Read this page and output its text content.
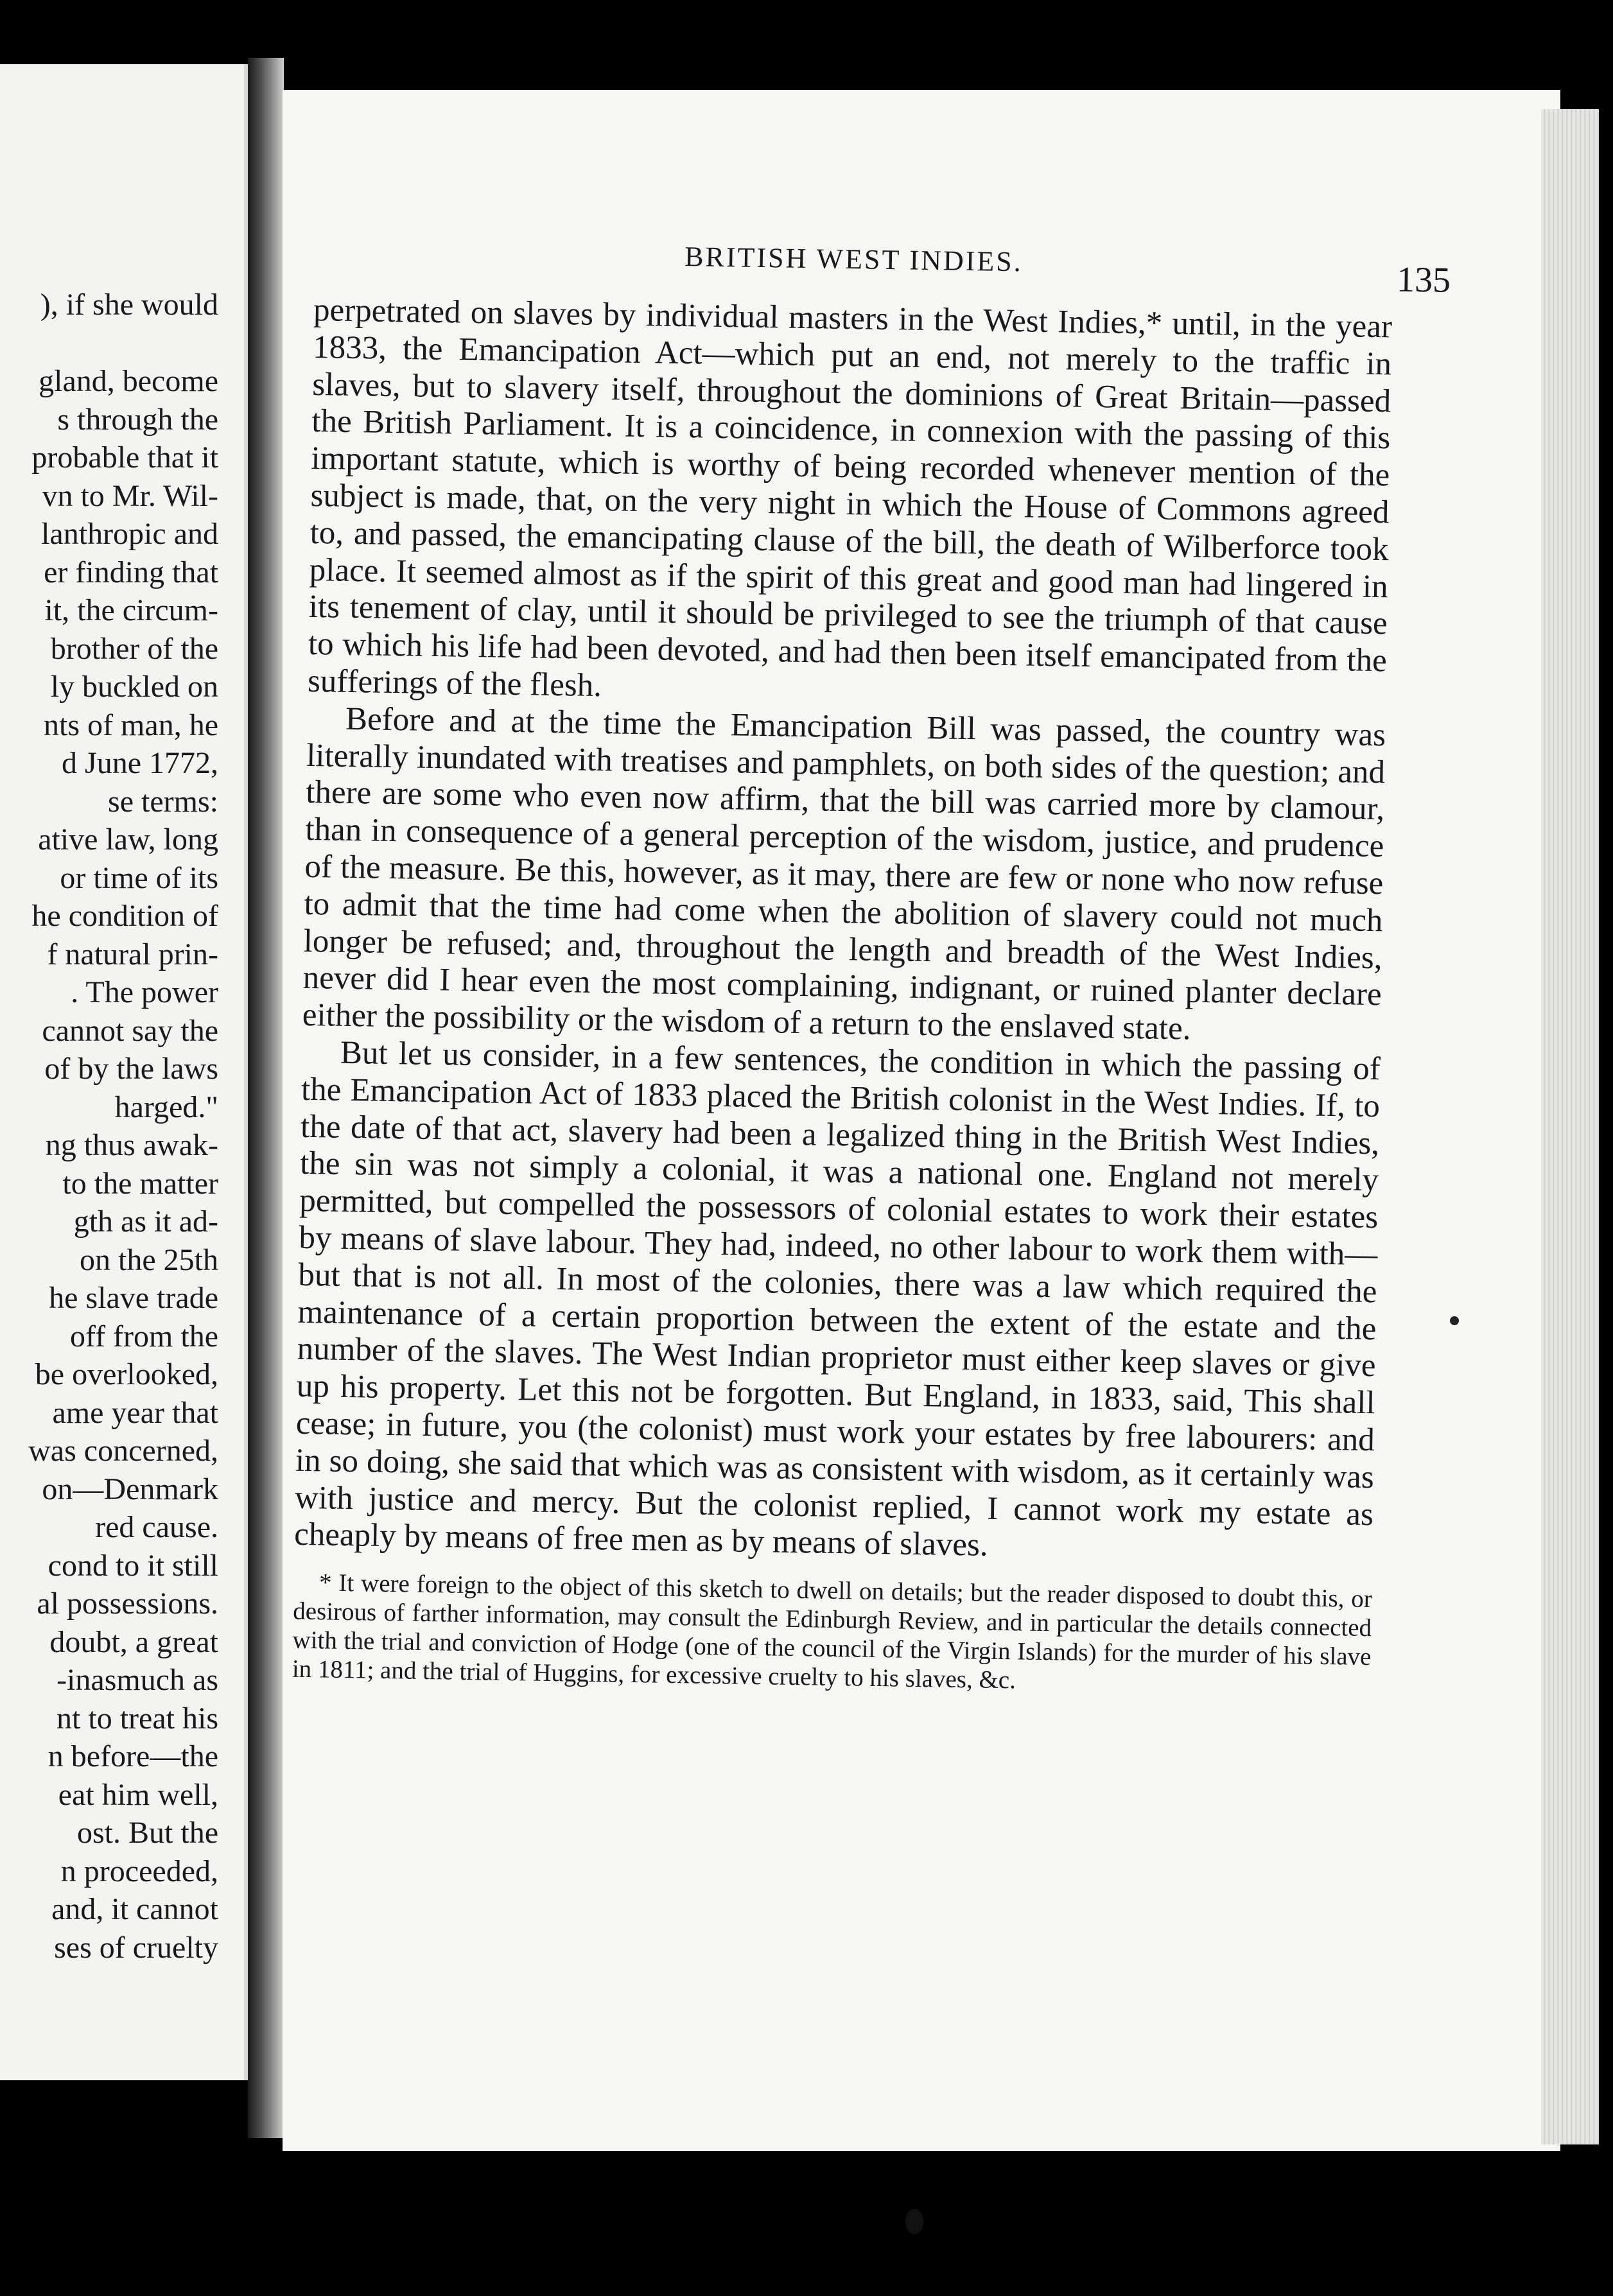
), if she would

gland, become
s through the
probable that it
vn to Mr. Wil-
lanthropic and
er finding that
it, the circum-
brother of the
ly buckled on
nts of man, he
d June 1772,
se terms:
ative law, long
or time of its
he condition of
f natural prin-
. The power
cannot say the
of by the laws
harged."
ng thus awak-
to the matter
gth as it ad-
on the 25th
he slave trade
off from the
be overlooked,
ame year that
was concerned,
on—Denmark
red cause.
cond to it still
al possessions.
doubt, a great
-inasmuch as
nt to treat his
n before—the
eat him well,
ost. But the
n proceeded,
and, it cannot
ses of cruelty
BRITISH WEST INDIES.
135

perpetrated on slaves by individual masters in the West Indies,* until, in the year 1833, the Emancipation Act—which put an end, not merely to the traffic in slaves, but to slavery itself, throughout the dominions of Great Britain—passed the British Parliament. It is a coincidence, in connexion with the passing of this important statute, which is worthy of being recorded whenever mention of the subject is made, that, on the very night in which the House of Commons agreed to, and passed, the emancipating clause of the bill, the death of Wilberforce took place. It seemed almost as if the spirit of this great and good man had lingered in its tenement of clay, until it should be privileged to see the triumph of that cause to which his life had been devoted, and had then been itself emancipated from the sufferings of the flesh.

Before and at the time the Emancipation Bill was passed, the country was literally inundated with treatises and pamphlets, on both sides of the question; and there are some who even now affirm, that the bill was carried more by clamour, than in consequence of a general perception of the wisdom, justice, and prudence of the measure. Be this, however, as it may, there are few or none who now refuse to admit that the time had come when the abolition of slavery could not much longer be refused; and, throughout the length and breadth of the West Indies, never did I hear even the most complaining, indignant, or ruined planter declare either the possibility or the wisdom of a return to the enslaved state.

But let us consider, in a few sentences, the condition in which the passing of the Emancipation Act of 1833 placed the British colonist in the West Indies. If, to the date of that act, slavery had been a legalized thing in the British West Indies, the sin was not simply a colonial, it was a national one. England not merely permitted, but compelled the possessors of colonial estates to work their estates by means of slave labour. They had, indeed, no other labour to work them with—but that is not all. In most of the colonies, there was a law which required the maintenance of a certain proportion between the extent of the estate and the number of the slaves. The West Indian proprietor must either keep slaves or give up his property. Let this not be forgotten. But England, in 1833, said, This shall cease; in future, you (the colonist) must work your estates by free labourers: and in so doing, she said that which was as consistent with wisdom, as it certainly was with justice and mercy. But the colonist replied, I cannot work my estate as cheaply by means of free men as by means of slaves.

* It were foreign to the object of this sketch to dwell on details; but the reader disposed to doubt this, or desirous of farther information, may consult the Edinburgh Review, and in particular the details connected with the trial and conviction of Hodge (one of the council of the Virgin Islands) for the murder of his slave in 1811; and the trial of Huggins, for excessive cruelty to his slaves, &c.
